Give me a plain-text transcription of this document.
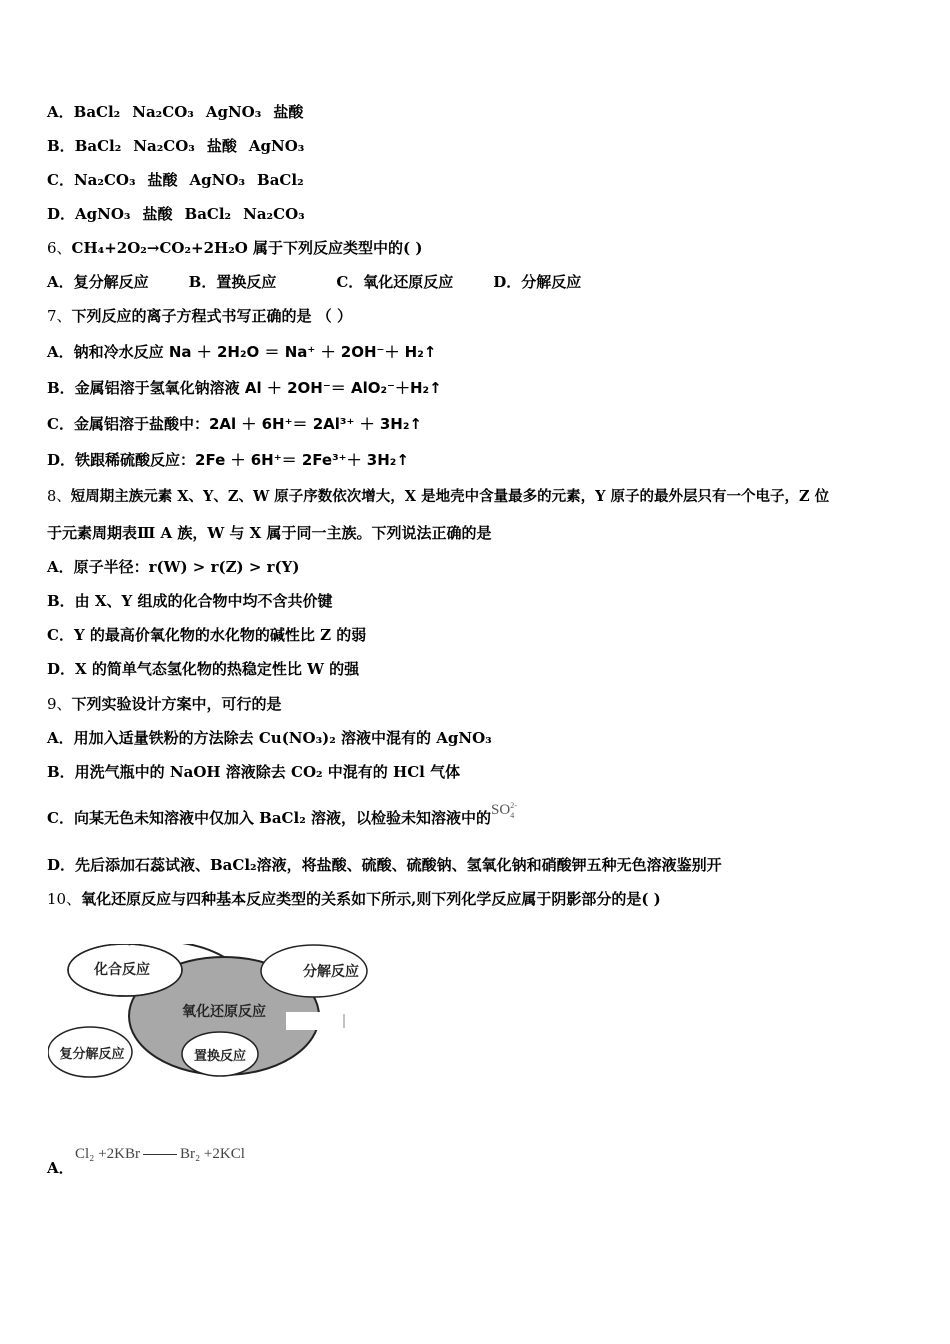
A．BaCl₂ Na₂CO₃ AgNO₃ 盐酸
B．BaCl₂ Na₂CO₃ 盐酸 AgNO₃
C．Na₂CO₃ 盐酸 AgNO₃ BaCl₂
D．AgNO₃ 盐酸 BaCl₂ Na₂CO₃
6、CH₄+2O₂→CO₂+2H₂O 属于下列反应类型中的( )
A．复分解反应	B．置换反应	C．氧化还原反应	D．分解反应
7、下列反应的离子方程式书写正确的是 （ ）
A．钠和冷水反应 Na ＋ 2H₂O ＝ Na⁺ ＋ 2OH⁻＋ H₂↑
B．金属铝溶于氢氧化钠溶液 Al ＋ 2OH⁻＝ AlO₂⁻＋H₂↑
C．金属铝溶于盐酸中：2Al ＋ 6H⁺＝ 2Al³⁺ ＋ 3H₂↑
D．铁跟稀硫酸反应：2Fe ＋ 6H⁺＝ 2Fe³⁺＋ 3H₂↑
8、短周期主族元素 X、Y、Z、W 原子序数依次增大，X 是地壳中含量最多的元素，Y 原子的最外层只有一个电子，Z 位
于元素周期表Ⅲ A 族，W 与 X 属于同一主族。下列说法正确的是
A．原子半径：r(W) > r(Z) > r(Y)
B．由 X、Y 组成的化合物中均不含共价键
C．Y 的最高价氧化物的水化物的碱性比 Z 的弱
D．X 的简单气态氢化物的热稳定性比 W 的强
9、下列实验设计方案中，可行的是
A．用加入适量铁粉的方法除去 Cu(NO₃)₂ 溶液中混有的 AgNO₃
B．用洗气瓶中的 NaOH 溶液除去 CO₂ 中混有的 HCl 气体
C．向某无色未知溶液中仅加入 BaCl₂ 溶液，以检验未知溶液中的$SO_4^{2-}$
D．先后添加石蕊试液、BaCl₂溶液，将盐酸、硫酸、硫酸钠、氢氧化钠和硝酸钾五种无色溶液鉴别开
10、氧化还原反应与四种基本反应类型的关系如下所示,则下列化学反应属于阴影部分的是( )
化合反应	分解反应
氧化还原反应
复分解反应	置换反应
A．
Cl₂ +2KBr	Br₂ +2KCl
